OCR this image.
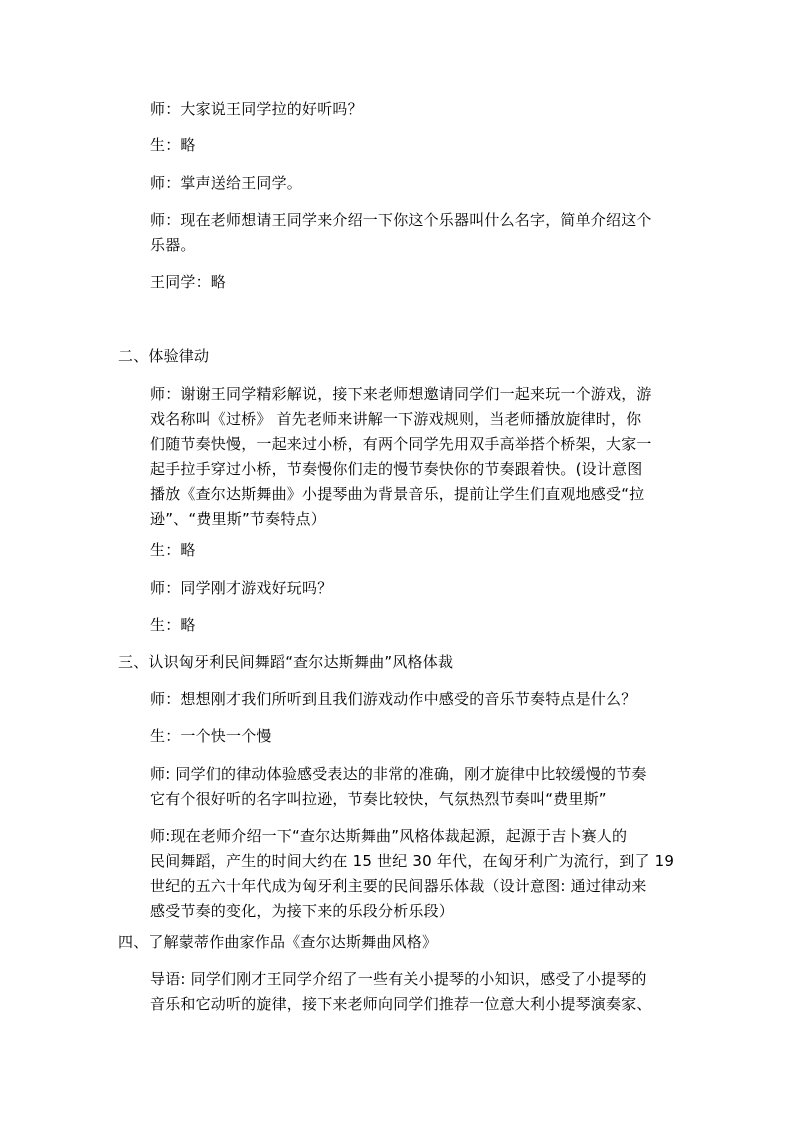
师：大家说王同学拉的好听吗？
生：略
师：掌声送给王同学。
师：现在老师想请王同学来介绍一下你这个乐器叫什么名字，简单介绍这个
乐器。
王同学：略
二、体验律动
师：谢谢王同学精彩解说，接下来老师想邀请同学们一起来玩一个游戏，游
戏名称叫《过桥》 首先老师来讲解一下游戏规则，当老师播放旋律时，你
们随节奏快慢，一起来过小桥，有两个同学先用双手高举搭个桥架，大家一
起手拉手穿过小桥，节奏慢你们走的慢节奏快你的节奏跟着快。(设计意图
播放《查尔达斯舞曲》小提琴曲为背景音乐，提前让学生们直观地感受“拉
逊”、“费里斯”节奏特点）
生：略
师：同学刚才游戏好玩吗？
生：略
三、认识匈牙利民间舞蹈“查尔达斯舞曲”风格体裁
师：想想刚才我们所听到且我们游戏动作中感受的音乐节奏特点是什么？
生：一个快一个慢
师: 同学们的律动体验感受表达的非常的准确，刚才旋律中比较缓慢的节奏
它有个很好听的名字叫拉逊，节奏比较快，气氛热烈节奏叫“费里斯”
师:现在老师介绍一下“查尔达斯舞曲”风格体裁起源，起源于吉卜赛人的
民间舞蹈，产生的时间大约在 15 世纪 30 年代，在匈牙利广为流行，到了 19
世纪的五六十年代成为匈牙利主要的民间器乐体裁（设计意图: 通过律动来
感受节奏的变化，为接下来的乐段分析乐段）
四、了解蒙蒂作曲家作品《查尔达斯舞曲风格》
导语: 同学们刚才王同学介绍了一些有关小提琴的小知识，感受了小提琴的
音乐和它动听的旋律，接下来老师向同学们推荐一位意大利小提琴演奏家、
